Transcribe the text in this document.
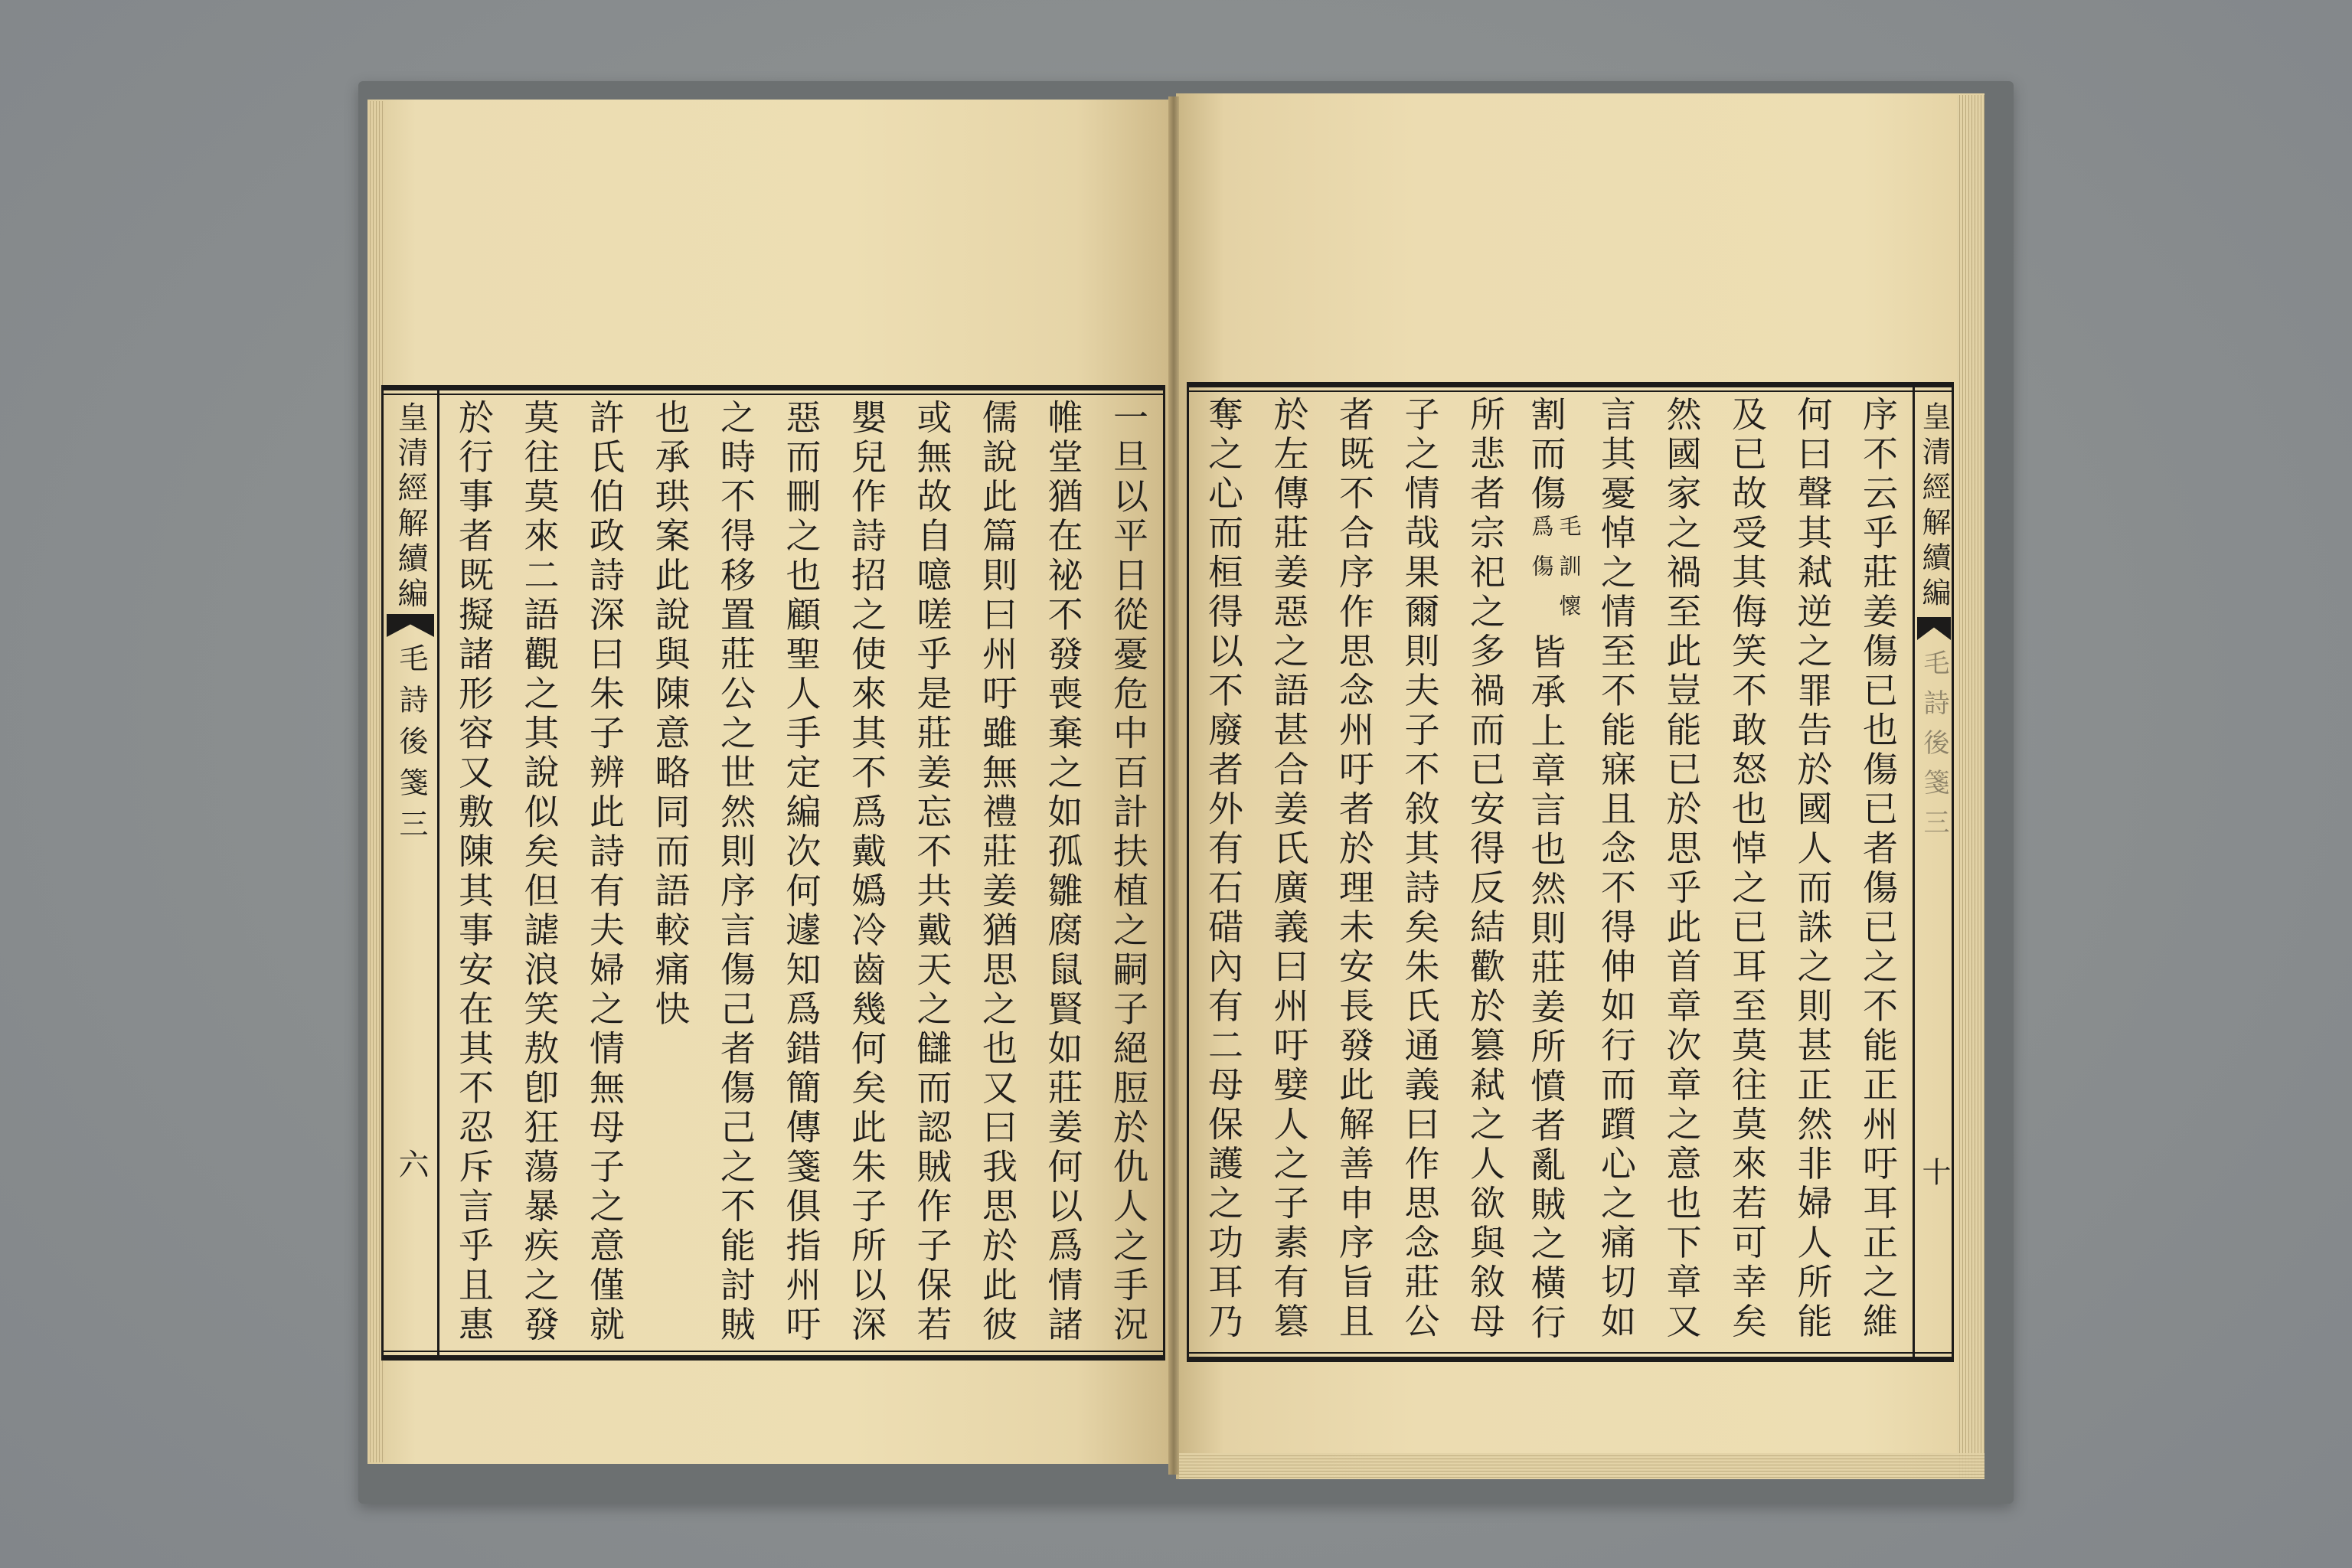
皇清經解續編
毛詩後箋三
六	一旦以平日從憂危中百計扶植之嗣子絕脰於仇人之手況
帷堂猶在祕不發喪棄之如孤雛腐鼠賢如莊姜何以爲情諸
儒說此篇則曰州吁雖無禮莊姜猶思之也又曰我思於此彼
或無故自噫嗟乎是莊姜忘不共戴天之讎而認賊作子保若
嬰兒作詩招之使來其不爲戴嬀冷齒幾何矣此朱子所以深
惡而刪之也顧聖人手定編次何遽知爲錯簡傳箋俱指州吁
之時不得移置莊公之世然則序言傷己者傷己之不能討賊
也承珙案此說與陳意略同而語較痛快
許氏伯政詩深曰朱子辨此詩有夫婦之情無母子之意僅就
莫往莫來二語觀之其說似矣但謔浪笑敖卽狂蕩暴疾之發
於行事者既擬諸形容又敷陳其事安在其不忍斥言乎且惠	皇清經解續編
毛詩後箋三
十
序不云乎莊姜傷已也傷已者傷已之不能正州吁耳正之維
何曰聲其弒逆之罪告於國人而誅之則甚正然非婦人所能
及已故受其侮笑不敢怒也悼之已耳至莫往莫來若可幸矣
然國家之禍至此豈能已於思乎此首章次章之意也下章又
言其憂悼之情至不能寐且念不得伸如行而躓心之痛切如
割而傷毛訓懷爲傷皆承上章言也然則莊姜所憤者亂賊之橫行
所悲者宗祀之多禍而已安得反結歡於篡弒之人欲與敘母
子之情哉果爾則夫子不敘其詩矣朱氏通義曰作思念莊公
者既不合序作思念州吁者於理未安長發此解善申序旨且
於左傳莊姜惡之語甚合姜氏廣義曰州吁嬖人之子素有篡
奪之心而桓得以不廢者外有石碏內有二母保護之功耳乃
